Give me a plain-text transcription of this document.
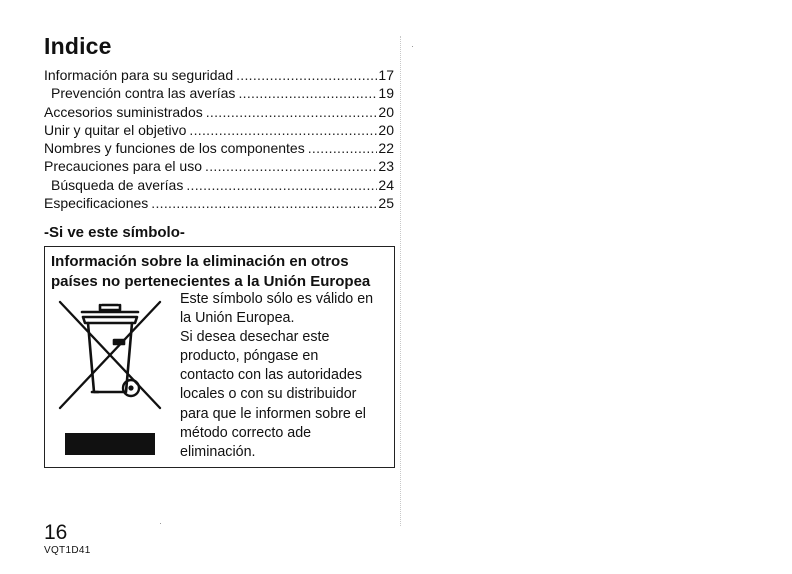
Indice
Información para su seguridad .....	17
Prevención contra las averías .....	19
Accesorios suministrados .....	20
Unir y quitar el objetivo .....	20
Nombres y funciones de los componentes .....	22
Precauciones para el uso .....	23
Búsqueda de averías .....	24
Especificaciones .....	25
-Si ve este símbolo-
Información sobre la eliminación en otros
países no pertenecientes a la Unión Europea
Este símbolo sólo es válido en
la Unión Europea.
Si desea desechar este
producto, póngase en
contacto con las autoridades
locales o con su distribuidor
para que le informen sobre el
método correcto ade
eliminación.
16
VQT1D41
